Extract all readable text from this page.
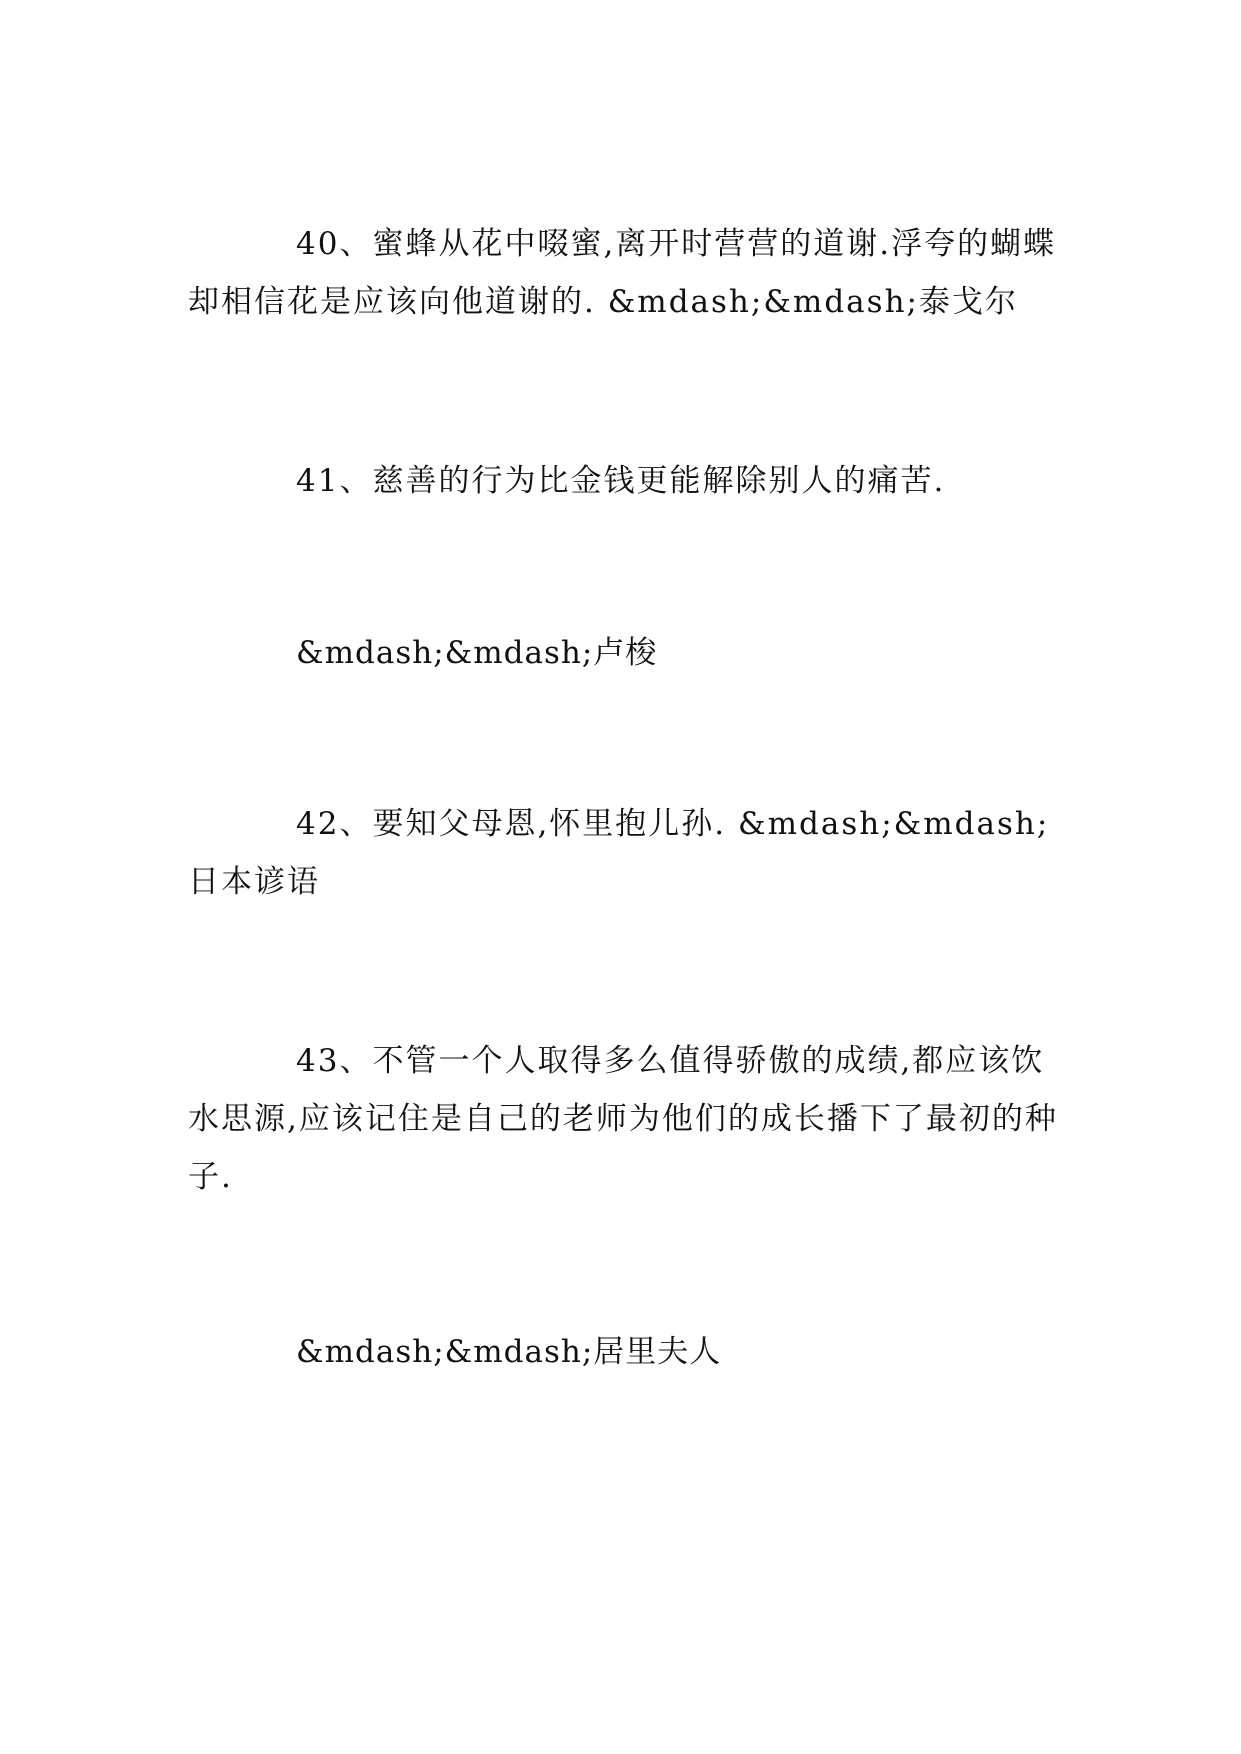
40、蜜蜂从花中啜蜜,离开时营营的道谢.浮夸的蝴蝶却相信花是应该向他道谢的. &mdash;&mdash;泰戈尔

41、慈善的行为比金钱更能解除别人的痛苦.

&mdash;&mdash;卢梭

42、要知父母恩,怀里抱儿孙. &mdash;&mdash;日本谚语

43、不管一个人取得多么值得骄傲的成绩,都应该饮水思源,应该记住是自己的老师为他们的成长播下了最初的种子.

&mdash;&mdash;居里夫人
